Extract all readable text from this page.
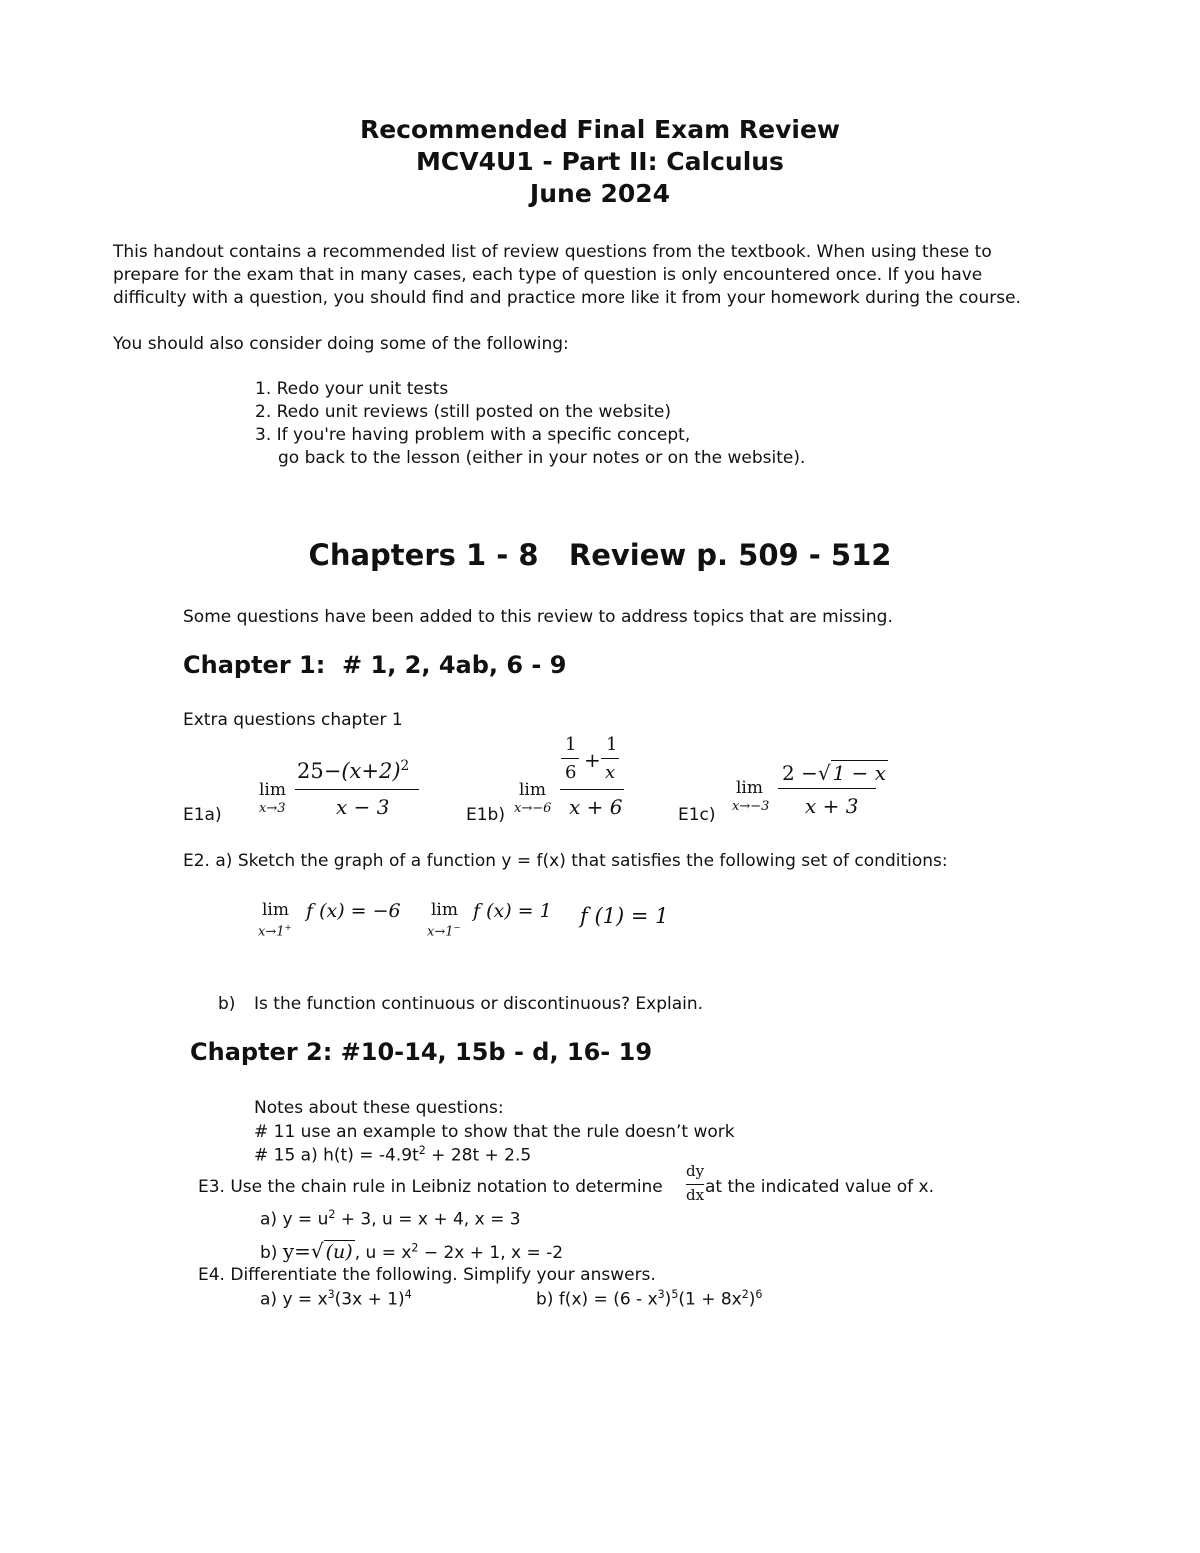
Recommended Final Exam Review
MCV4U1 - Part II: Calculus
June 2024
This handout contains a recommended list of review questions from the textbook. When using these to
prepare for the exam that in many cases, each type of question is only encountered once. If you have
difficulty with a question, you should find and practice more like it from your homework during the course.
You should also consider doing some of the following:
1. Redo your unit tests
2. Redo unit reviews (still posted on the website)
3. If you're having problem with a specific concept,
go back to the lesson (either in your notes or on the website).
Chapters 1 - 8   Review p. 509 - 512
Some questions have been added to this review to address topics that are missing.
Chapter 1:  # 1, 2, 4ab, 6 - 9
Extra questions chapter 1
E1a)
lim
x→3
$25-(x+2)^2$
x − 3	E1b)
lim
x→−6
1
6
+
1
x
x + 6	E1c)
lim
x→−3
2 −√ 1 − x
x + 3
E2. a) Sketch the graph of a function y = f(x) that satisfies the following set of conditions:
lim
x→1+
f (x) = −6 lim
x→1−
f (x) = 1 f (1) = 1
b) Is the function continuous or discontinuous? Explain.
Chapter 2: #10-14, 15b - d, 16- 19
Notes about these questions:
# 11 use an example to show that the rule doesn’t work
# 15 a) $h(t) = -4.9t^2 + 28t + 2.5$
E3. Use the chain rule in Leibniz notation to determine
dy
dx at the indicated value of x.
a) $y = u^2 + 3$, u = x + 4, x = 3
b) y=√ (u) , $u = x^2 - 2x + 1$, x = -2
E4. Differentiate the following. Simplify your answers.
a) $y = x^3(3x + 1)^4$	b) $f(x) = (6 - x^3)^5(1 + 8x^2)^6$
